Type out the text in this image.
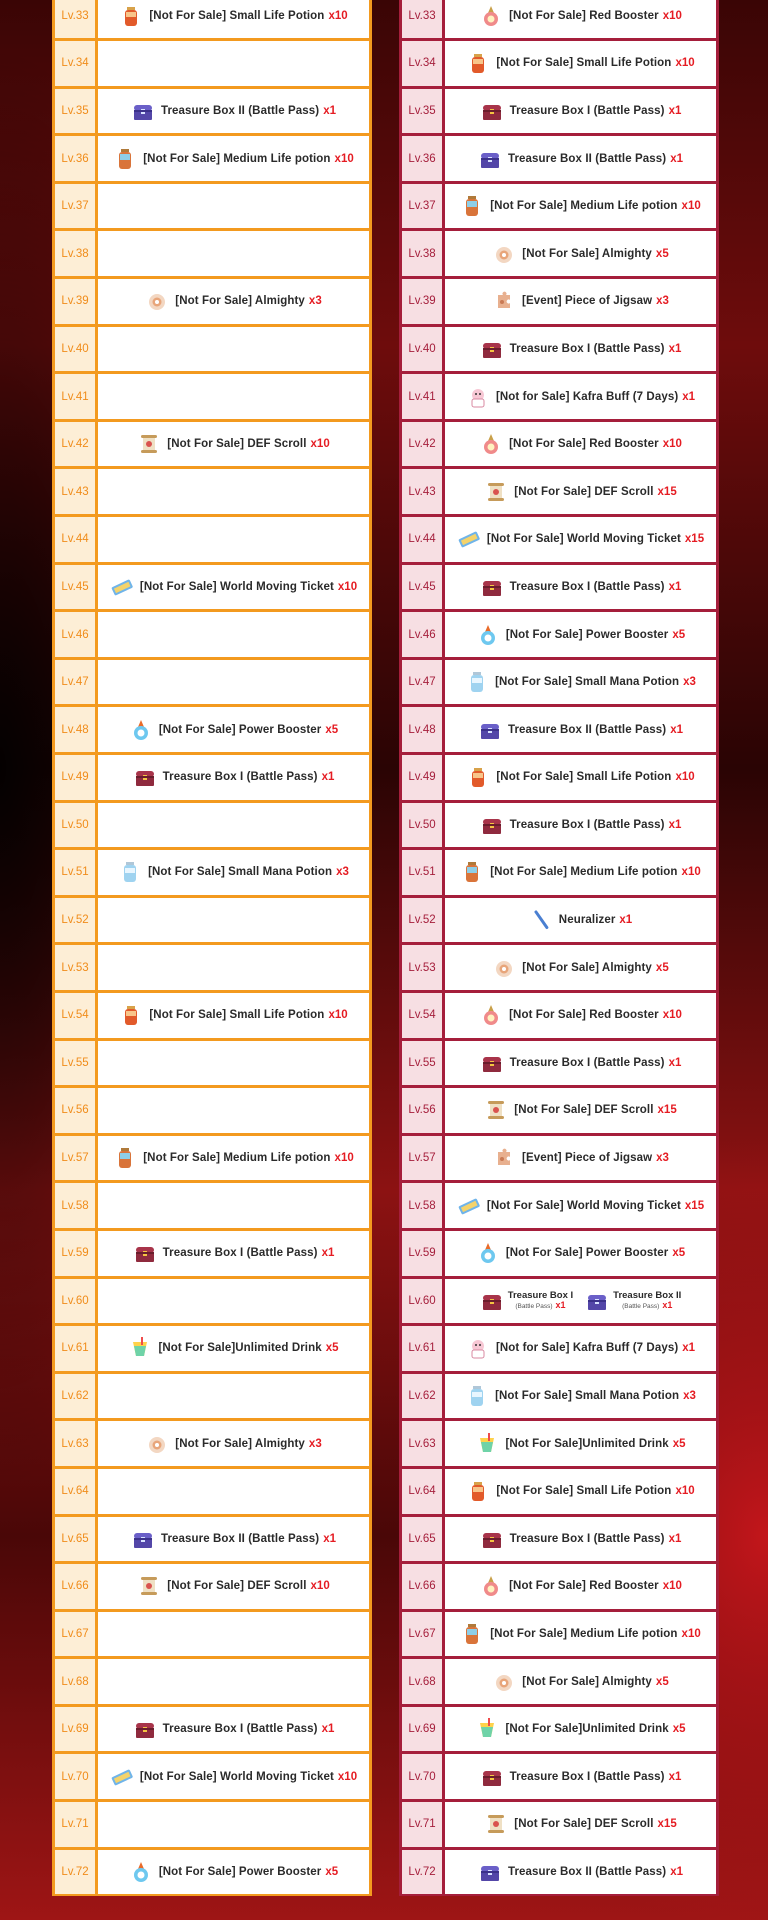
Lv.33	[Not For Sale] Small Life Potion x10
Lv.34
Lv.35	Treasure Box II (Battle Pass) x1
Lv.36	[Not For Sale] Medium Life potion x10
Lv.37
Lv.38
Lv.39	[Not For Sale] Almighty x3
Lv.40
Lv.41
Lv.42	[Not For Sale] DEF Scroll x10
Lv.43
Lv.44
Lv.45	[Not For Sale] World Moving Ticket x10
Lv.46
Lv.47
Lv.48	[Not For Sale] Power Booster x5
Lv.49	Treasure Box I (Battle Pass) x1
Lv.50
Lv.51	[Not For Sale] Small Mana Potion x3
Lv.52
Lv.53
Lv.54	[Not For Sale] Small Life Potion x10
Lv.55
Lv.56
Lv.57	[Not For Sale] Medium Life potion x10
Lv.58
Lv.59	Treasure Box I (Battle Pass) x1
Lv.60
Lv.61	[Not For Sale]Unlimited Drink x5
Lv.62
Lv.63	[Not For Sale] Almighty x3
Lv.64
Lv.65	Treasure Box II (Battle Pass) x1
Lv.66	[Not For Sale] DEF Scroll x10
Lv.67
Lv.68
Lv.69	Treasure Box I (Battle Pass) x1
Lv.70	[Not For Sale] World Moving Ticket x10
Lv.71
Lv.72	[Not For Sale] Power Booster x5
Lv.33	[Not For Sale] Red Booster x10
Lv.34	[Not For Sale] Small Life Potion x10
Lv.35	Treasure Box I (Battle Pass) x1
Lv.36	Treasure Box II (Battle Pass) x1
Lv.37	[Not For Sale] Medium Life potion x10
Lv.38	[Not For Sale] Almighty x5
Lv.39	[Event] Piece of Jigsaw x3
Lv.40	Treasure Box I (Battle Pass) x1
Lv.41	[Not for Sale] Kafra Buff (7 Days) x1
Lv.42	[Not For Sale] Red Booster x10
Lv.43	[Not For Sale] DEF Scroll x15
Lv.44	[Not For Sale] World Moving Ticket x15
Lv.45	Treasure Box I (Battle Pass) x1
Lv.46	[Not For Sale] Power Booster x5
Lv.47	[Not For Sale] Small Mana Potion x3
Lv.48	Treasure Box II (Battle Pass) x1
Lv.49	[Not For Sale] Small Life Potion x10
Lv.50	Treasure Box I (Battle Pass) x1
Lv.51	[Not For Sale] Medium Life potion x10
Lv.52	Neuralizer x1
Lv.53	[Not For Sale] Almighty x5
Lv.54	[Not For Sale] Red Booster x10
Lv.55	Treasure Box I (Battle Pass) x1
Lv.56	[Not For Sale] DEF Scroll x15
Lv.57	[Event] Piece of Jigsaw x3
Lv.58	[Not For Sale] World Moving Ticket x15
Lv.59	[Not For Sale] Power Booster x5
Lv.60	Treasure Box I
(Battle Pass) x1
Treasure Box II
(Battle Pass) x1
Lv.61	[Not for Sale] Kafra Buff (7 Days) x1
Lv.62	[Not For Sale] Small Mana Potion x3
Lv.63	[Not For Sale]Unlimited Drink x5
Lv.64	[Not For Sale] Small Life Potion x10
Lv.65	Treasure Box I (Battle Pass) x1
Lv.66	[Not For Sale] Red Booster x10
Lv.67	[Not For Sale] Medium Life potion x10
Lv.68	[Not For Sale] Almighty x5
Lv.69	[Not For Sale]Unlimited Drink x5
Lv.70	Treasure Box I (Battle Pass) x1
Lv.71	[Not For Sale] DEF Scroll x15
Lv.72	Treasure Box II (Battle Pass) x1
